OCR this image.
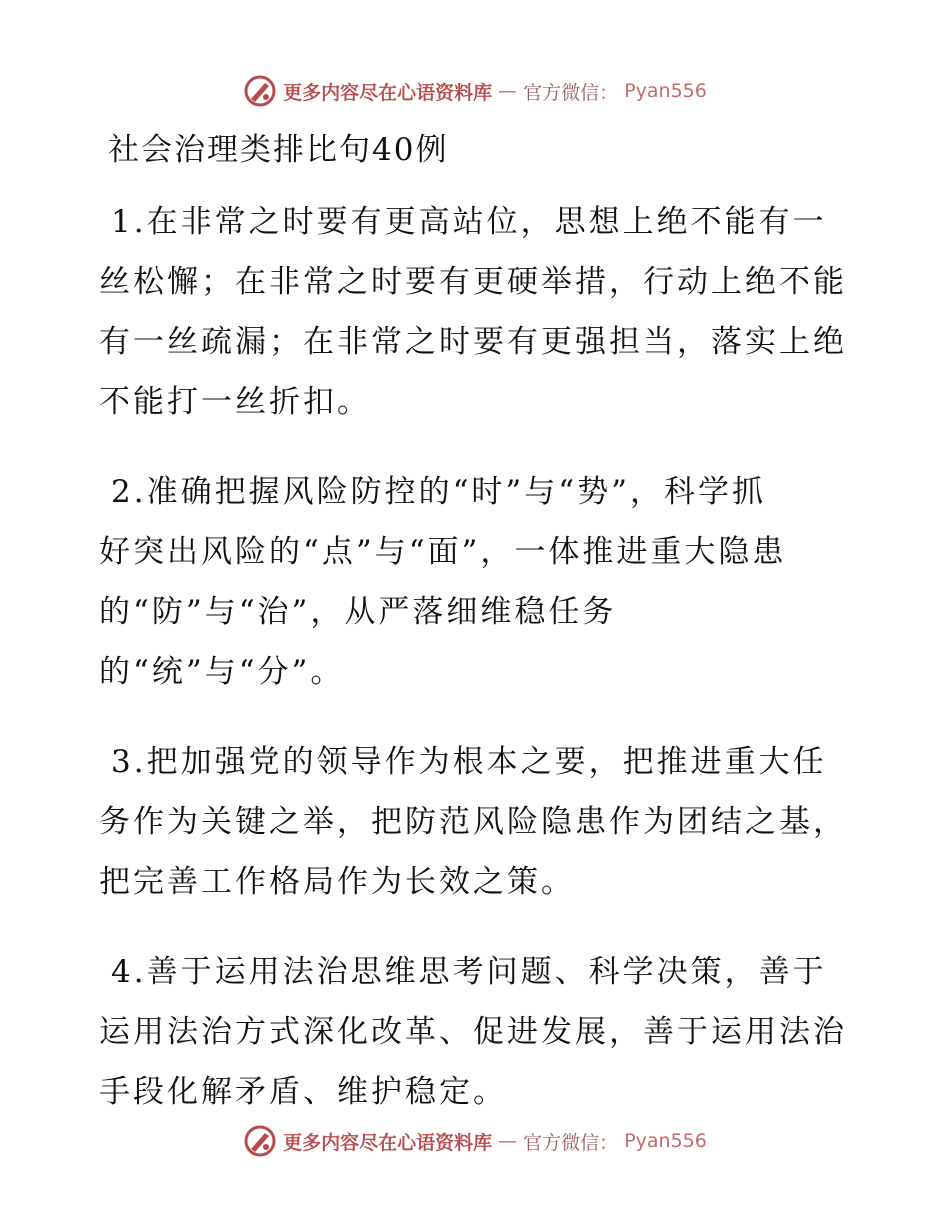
更多内容尽在心语资料库 — 官方微信： Pyan556
社会治理类排比句40例
1.在非常之时要有更高站位，思想上绝不能有一
丝松懈；在非常之时要有更硬举措，行动上绝不能
有一丝疏漏；在非常之时要有更强担当，落实上绝
不能打一丝折扣。
2.准确把握风险防控的“时”与“势”，科学抓
好突出风险的“点”与“面”，一体推进重大隐患
的“防”与“治”，从严落细维稳任务
的“统”与“分”。
3.把加强党的领导作为根本之要，把推进重大任
务作为关键之举，把防范风险隐患作为团结之基，
把完善工作格局作为长效之策。
4.善于运用法治思维思考问题、科学决策，善于
运用法治方式深化改革、促进发展，善于运用法治
手段化解矛盾、维护稳定。
更多内容尽在心语资料库 — 官方微信： Pyan556
